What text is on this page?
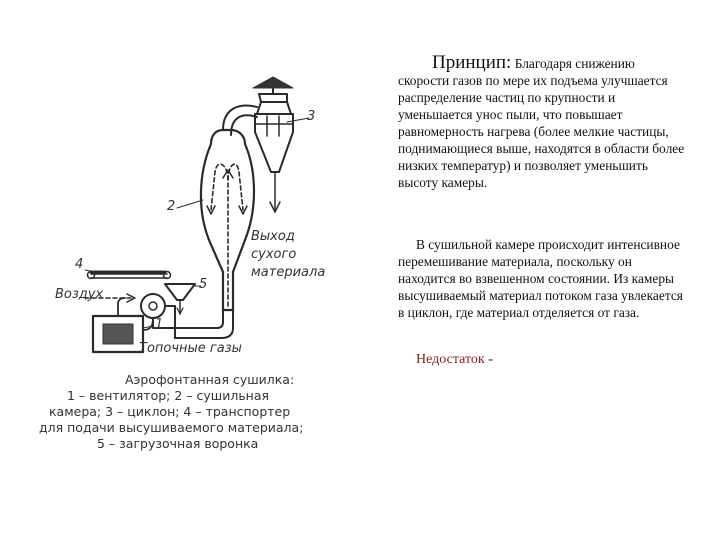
3
2
4
5
1
Воздух
Выход
сухого
материала
Топочные газы
Аэрофонтанная сушилка:
1 – вентилятор; 2 – сушильная
камера; 3 – циклон; 4 – транспортер
для подачи высушиваемого материала;
5 – загрузочная воронка

Принцип: Благодаря снижению

скорости газов по мере их подъема улучшается распределение частиц по крупности и уменьшается унос пыли, что повышает равномерность нагрева (более мелкие частицы, поднимающиеся выше, находятся в области более низких температур) и позволяет уменьшить высоту камеры.

В сушильной камере происходит интенсивное перемешивание материала, поскольку он находится во взвешенном состоянии. Из камеры высушиваемый материал потоком газа увлекается в циклон, где материал отделяется от газа.
Недостаток -
